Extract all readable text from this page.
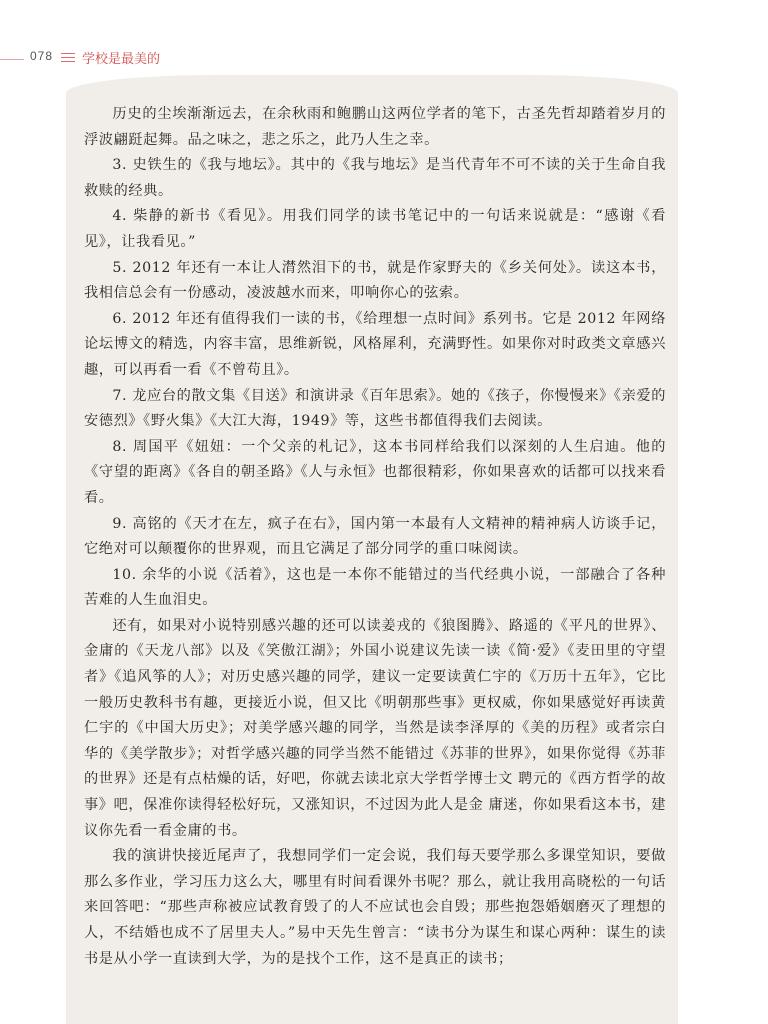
078 学校是最美的

历史的尘埃渐渐远去，在余秋雨和鲍鹏山这两位学者的笔下，古圣先哲却踏着岁月的浮波翩跹起舞。品之味之，悲之乐之，此乃人生之幸。

3. 史铁生的《我与地坛》。其中的《我与地坛》是当代青年不可不读的关于生命自我救赎的经典。

4. 柴静的新书《看见》。用我们同学的读书笔记中的一句话来说就是：“感谢《看见》，让我看见。”

5. 2012 年还有一本让人潸然泪下的书，就是作家野夫的《乡关何处》。读这本书，我相信总会有一份感动，凌波越水而来，叩响你心的弦索。

6. 2012 年还有值得我们一读的书，《给理想一点时间》系列书。它是 2012 年网络论坛博文的精选，内容丰富，思维新锐，风格犀利，充满野性。如果你对时政类文章感兴趣，可以再看一看《不曾苟且》。

7. 龙应台的散文集《目送》和演讲录《百年思索》。她的《孩子，你慢慢来》《亲爱的安德烈》《野火集》《大江大海，1949》等，这些书都值得我们去阅读。

8. 周国平《妞妞：一个父亲的札记》，这本书同样给我们以深刻的人生启迪。他的《守望的距离》《各自的朝圣路》《人与永恒》也都很精彩，你如果喜欢的话都可以找来看看。

9. 高铭的《天才在左，疯子在右》，国内第一本最有人文精神的精神病人访谈手记，它绝对可以颠覆你的世界观，而且它满足了部分同学的重口味阅读。

10. 余华的小说《活着》，这也是一本你不能错过的当代经典小说，一部融合了各种苦难的人生血泪史。

还有，如果对小说特别感兴趣的还可以读姜戎的《狼图腾》、路遥的《平凡的世界》、金庸的《天龙八部》以及《笑傲江湖》；外国小说建议先读一读《简·爱》《麦田里的守望者》《追风筝的人》；对历史感兴趣的同学，建议一定要读黄仁宇的《万历十五年》，它比一般历史教科书有趣，更接近小说，但又比《明朝那些事》更权威，你如果感觉好再读黄仁宇的《中国大历史》；对美学感兴趣的同学，当然是读李泽厚的《美的历程》或者宗白华的《美学散步》；对哲学感兴趣的同学当然不能错过《苏菲的世界》，如果你觉得《苏菲的世界》还是有点枯燥的话，好吧，你就去读北京大学哲学博士文 聘元的《西方哲学的故事》吧，保准你读得轻松好玩，又涨知识，不过因为此人是金 庸迷，你如果看这本书，建议你先看一看金庸的书。

我的演讲快接近尾声了，我想同学们一定会说，我们每天要学那么多课堂知识，要做那么多作业，学习压力这么大，哪里有时间看课外书呢？那么，就让我用高晓松的一句话来回答吧：“那些声称被应试教育毁了的人不应试也会自毁；那些抱怨婚姻磨灭了理想的人，不结婚也成不了居里夫人。”易中天先生曾言：“读书分为谋生和谋心两种：谋生的读书是从小学一直读到大学，为的是找个工作，这不是真正的读书；
